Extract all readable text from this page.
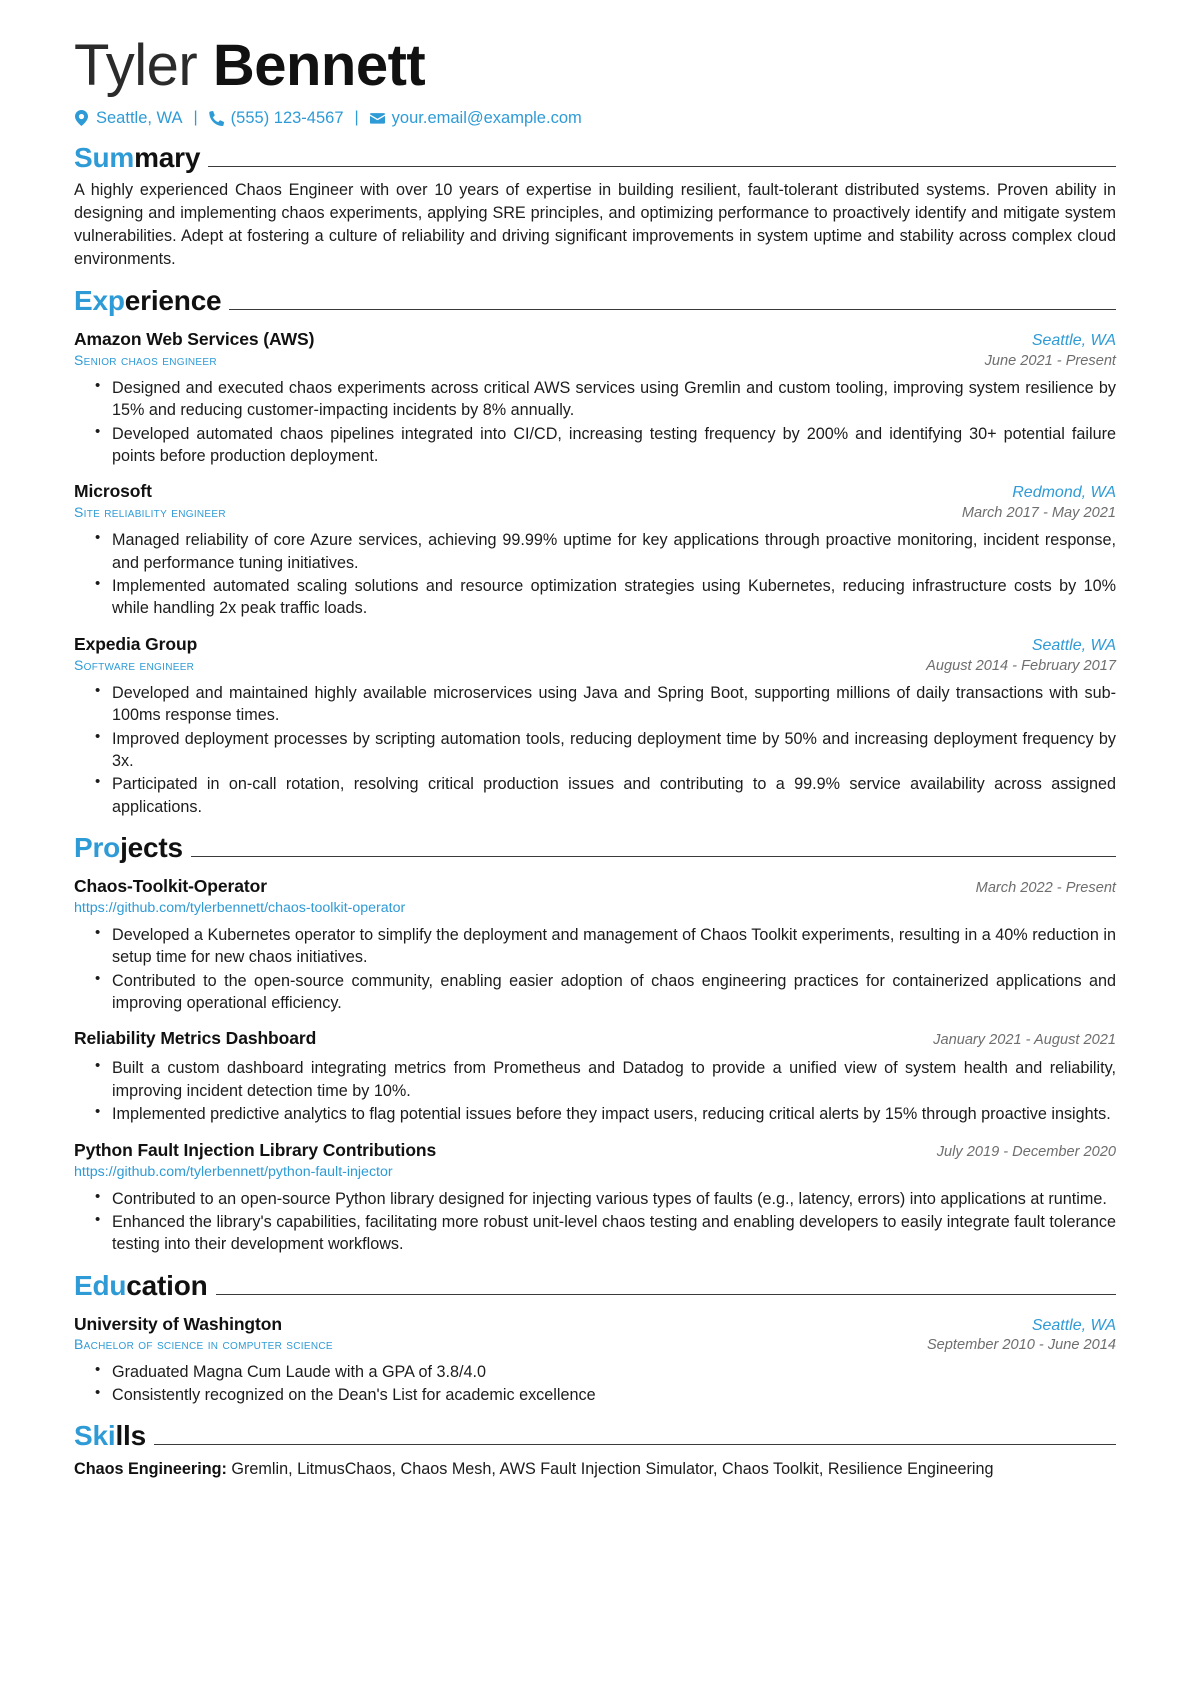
Tyler Bennett
Seattle, WA |	(555) 123-4567 |	your.email@example.com
Summary

A highly experienced Chaos Engineer with over 10 years of expertise in building resilient, fault-tolerant distributed systems. Proven ability in designing and implementing chaos experiments, applying SRE principles, and optimizing performance to proactively identify and mitigate system vulnerabilities. Adept at fostering a culture of reliability and driving significant improvements in system uptime and stability across complex cloud environments.

Experience
Amazon Web Services (AWS)	Seattle, WA
Senior chaos engineer	June 2021 - Present
• Designed and executed chaos experiments across critical AWS services using Gremlin and custom tooling, improving system resilience by 15% and reducing customer-impacting incidents by 8% annually.
• Developed automated chaos pipelines integrated into CI/CD, increasing testing frequency by 200% and identifying 30+ potential failure points before production deployment.
Microsoft	Redmond, WA
Site reliability engineer	March 2017 - May 2021
• Managed reliability of core Azure services, achieving 99.99% uptime for key applications through proactive monitoring, incident response, and performance tuning initiatives.
• Implemented automated scaling solutions and resource optimization strategies using Kubernetes, reducing infrastructure costs by 10% while handling 2x peak traffic loads.
Expedia Group	Seattle, WA
Software engineer	August 2014 - February 2017
• Developed and maintained highly available microservices using Java and Spring Boot, supporting millions of daily transactions with sub-100ms response times.
• Improved deployment processes by scripting automation tools, reducing deployment time by 50% and increasing deployment frequency by 3x.
• Participated in on-call rotation, resolving critical production issues and contributing to a 99.9% service availability across assigned applications.
Projects
Chaos-Toolkit-Operator	March 2022 - Present
https://github.com/tylerbennett/chaos-toolkit-operator
• Developed a Kubernetes operator to simplify the deployment and management of Chaos Toolkit experiments, resulting in a 40% reduction in setup time for new chaos initiatives.
• Contributed to the open-source community, enabling easier adoption of chaos engineering practices for containerized applications and improving operational efficiency.
Reliability Metrics Dashboard	January 2021 - August 2021
• Built a custom dashboard integrating metrics from Prometheus and Datadog to provide a unified view of system health and reliability, improving incident detection time by 10%.
• Implemented predictive analytics to flag potential issues before they impact users, reducing critical alerts by 15% through proactive insights.
Python Fault Injection Library Contributions	July 2019 - December 2020
https://github.com/tylerbennett/python-fault-injector
• Contributed to an open-source Python library designed for injecting various types of faults (e.g., latency, errors) into applications at runtime.
• Enhanced the library's capabilities, facilitating more robust unit-level chaos testing and enabling developers to easily integrate fault tolerance testing into their development workflows.
Education
University of Washington	Seattle, WA
Bachelor of science in computer science	September 2010 - June 2014
• Graduated Magna Cum Laude with a GPA of 3.8/4.0
• Consistently recognized on the Dean's List for academic excellence
Skills
Chaos Engineering: Gremlin, LitmusChaos, Chaos Mesh, AWS Fault Injection Simulator, Chaos Toolkit, Resilience Engineering
